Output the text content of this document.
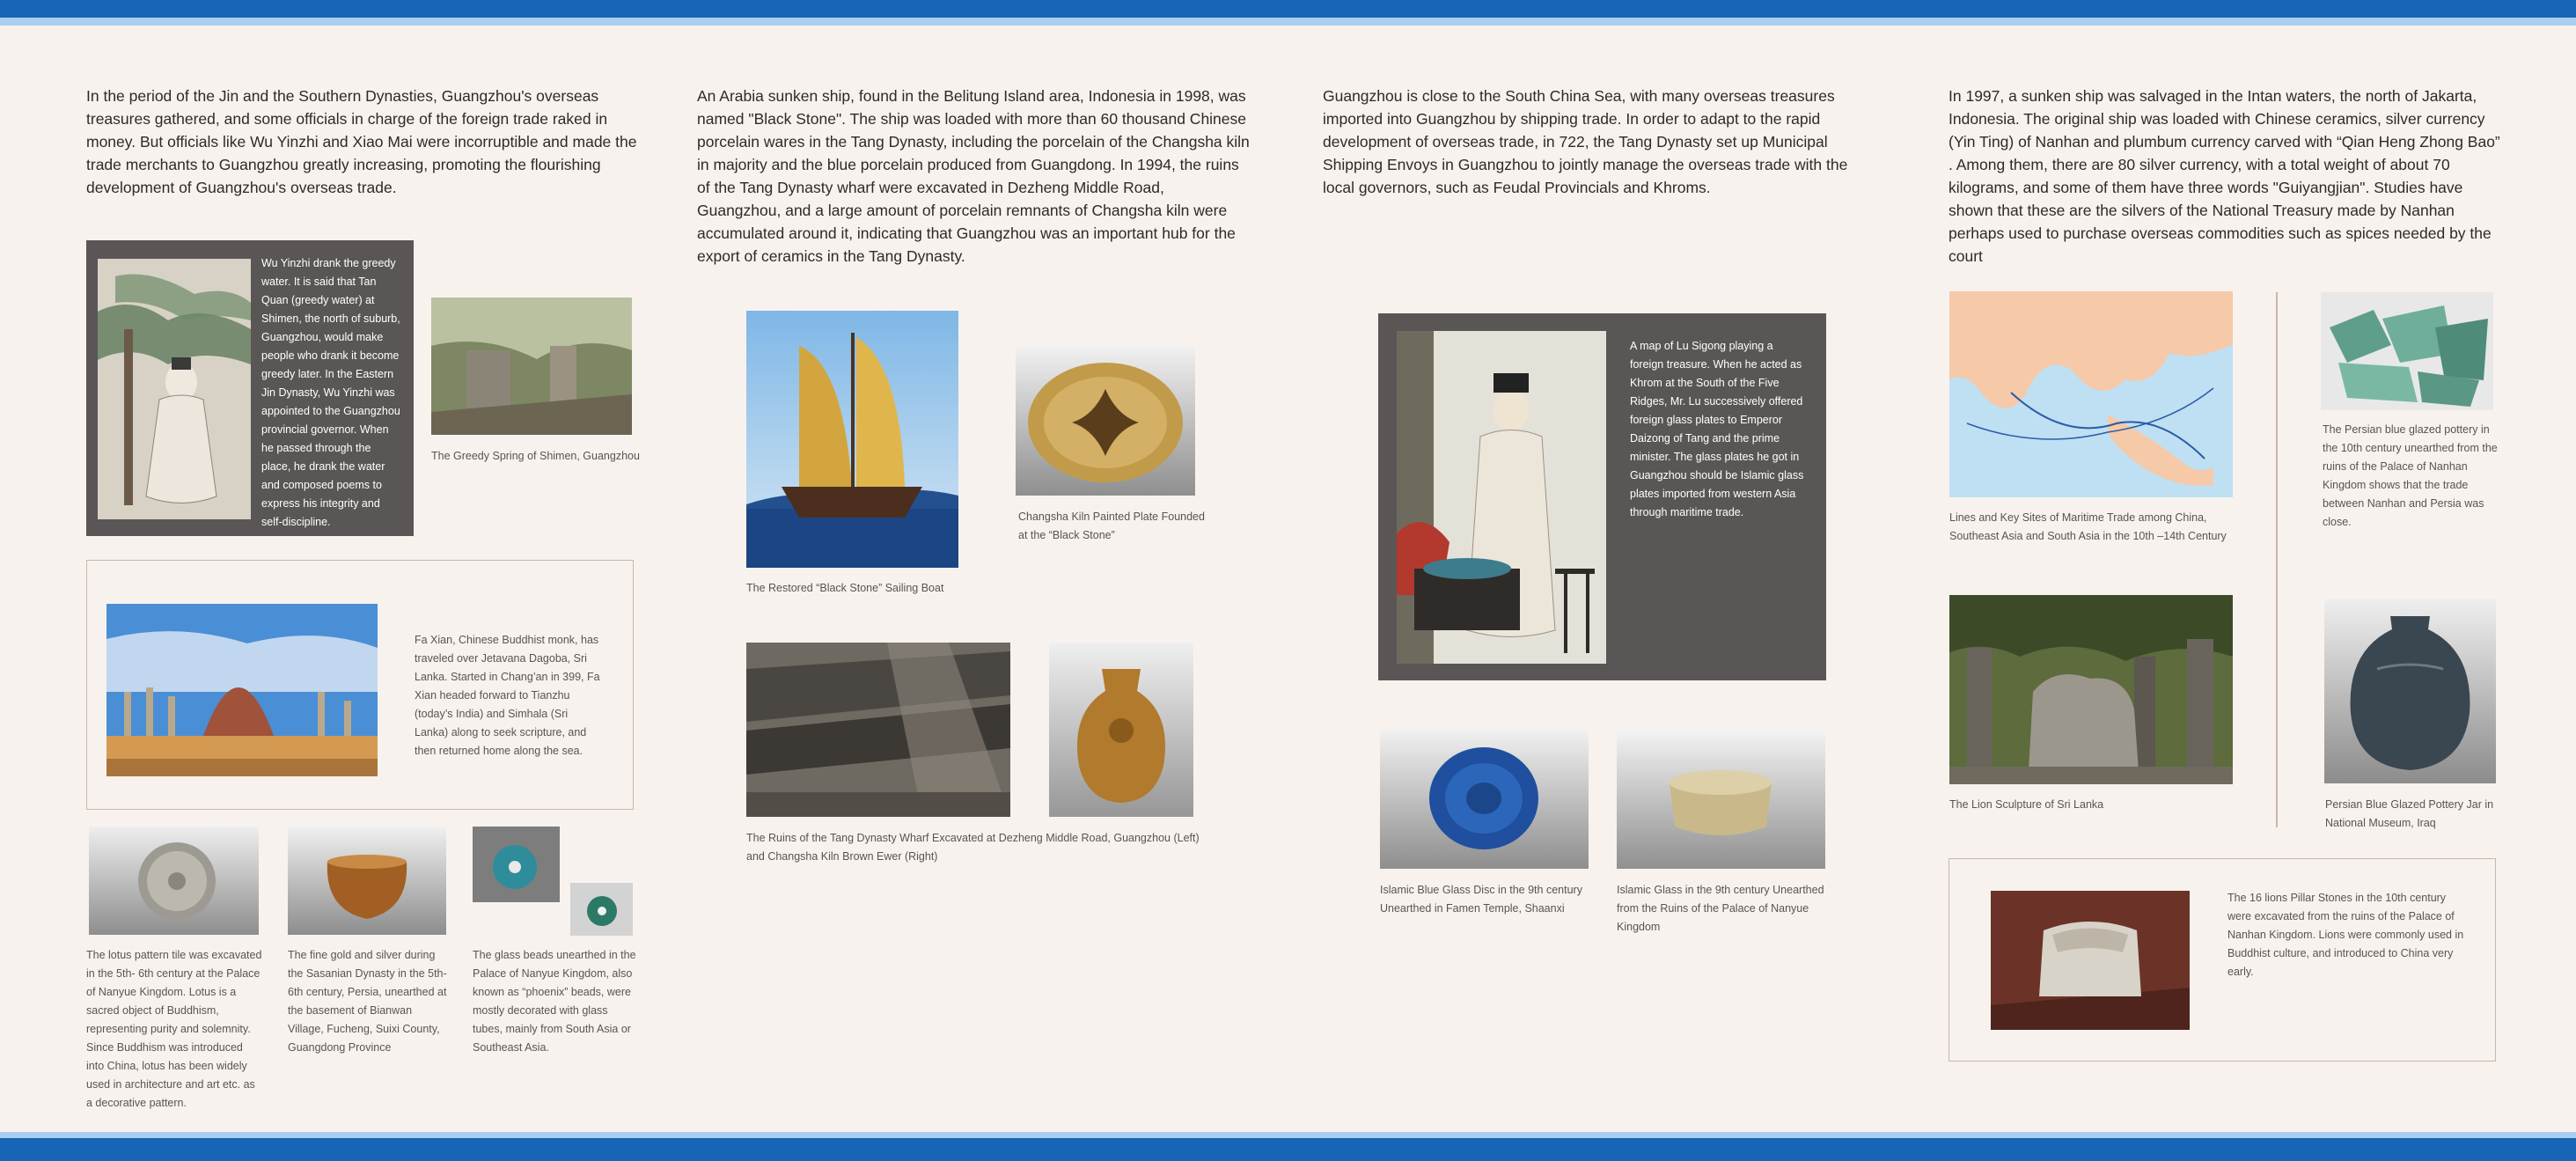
In the period of the Jin and the Southern Dynasties, Guangzhou's overseas treasures gathered, and some officials in charge of the foreign trade raked in money. But officials like Wu Yinzhi and Xiao Mai were incorruptible and made the trade merchants to Guangzhou greatly increasing, promoting the flourishing development of Guangzhou's overseas trade.

Wu Yinzhi drank the greedy water. It is said that Tan Quan (greedy water) at Shimen, the north of suburb, Guangzhou, would make people who drank it become greedy later. In the Eastern Jin Dynasty, Wu Yinzhi was appointed to the Guangzhou provincial governor. When he passed through the place, he drank the water and composed poems to express his integrity and self-discipline.

The Greedy Spring of Shimen, Guangzhou

Fa Xian, Chinese Buddhist monk, has traveled over Jetavana Dagoba, Sri Lanka. Started in Chang’an in 399, Fa Xian headed forward to Tianzhu (today’s India) and Simhala (Sri Lanka) along to seek scripture, and then returned home along the sea.

The lotus pattern tile was excavated in the 5th- 6th century at the Palace of Nanyue Kingdom. Lotus is a sacred object of Buddhism, representing purity and solemnity. Since Buddhism was introduced into China, lotus has been widely used in architecture and art etc. as a decorative pattern.

The fine gold and silver during the Sasanian Dynasty in the 5th-6th century, Persia, unearthed at the basement of Bianwan Village, Fucheng, Suixi County, Guangdong Province

The glass beads unearthed in the Palace of Nanyue Kingdom, also known as “phoenix” beads, were mostly decorated with glass tubes, mainly from South Asia or Southeast Asia.

An Arabia sunken ship, found in the Belitung Island area, Indonesia in 1998, was named "Black Stone". The ship was loaded with more than 60 thousand Chinese porcelain wares in the Tang Dynasty, including the porcelain of the Changsha kiln in majority and the blue porcelain produced from Guangdong. In 1994, the ruins of the Tang Dynasty wharf were excavated in Dezheng Middle Road, Guangzhou, and a large amount of porcelain remnants of Changsha kiln were accumulated around it, indicating that Guangzhou was an important hub for the export of ceramics in the Tang Dynasty.

The Restored “Black Stone” Sailing Boat

Changsha Kiln Painted Plate Founded at the “Black Stone”

The Ruins of the Tang Dynasty Wharf Excavated at Dezheng Middle Road, Guangzhou (Left) and Changsha Kiln Brown Ewer (Right)

Guangzhou is close to the South China Sea, with many overseas treasures imported into Guangzhou by shipping trade. In order to adapt to the rapid development of overseas trade, in 722, the Tang Dynasty set up Municipal Shipping Envoys in Guangzhou to jointly manage the overseas trade with the local governors, such as Feudal Provincials and Khroms.

A map of Lu Sigong playing a foreign treasure. When he acted as Khrom at the South of the Five Ridges, Mr. Lu successively offered foreign glass plates to Emperor Daizong of Tang and the prime minister. The glass plates he got in Guangzhou should be Islamic glass plates imported from western Asia through maritime trade.

Islamic Blue Glass Disc in the 9th century Unearthed in Famen Temple, Shaanxi

Islamic Glass in the 9th century Unearthed from the Ruins of the Palace of Nanyue Kingdom

In 1997, a sunken ship was salvaged in the Intan waters, the north of Jakarta, Indonesia. The original ship was loaded with Chinese ceramics, silver currency (Yin Ting) of Nanhan and plumbum currency carved with “Qian Heng Zhong Bao” . Among them, there are 80 silver currency, with a total weight of about 70 kilograms, and some of them have three words "Guiyangjian". Studies have shown that these are the silvers of the National Treasury made by Nanhan perhaps used to purchase overseas commodities such as spices needed by the court

Lines and Key Sites of Maritime Trade among China, Southeast Asia and South Asia in the 10th –14th Century

The Persian blue glazed pottery in the 10th century unearthed from the ruins of the Palace of Nanhan Kingdom shows that the trade between Nanhan and Persia was close.

The Lion Sculpture of Sri Lanka	Persian Blue Glazed Pottery Jar in National Museum, Iraq

The 16 lions Pillar Stones in the 10th century were excavated from the ruins of the Palace of Nanhan Kingdom. Lions were commonly used in Buddhist culture, and introduced to China very early.
